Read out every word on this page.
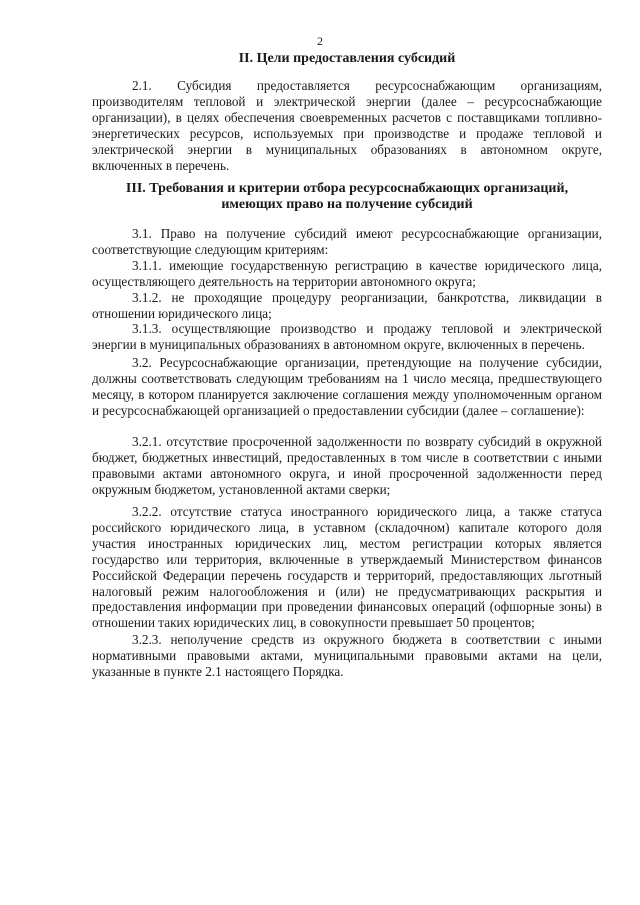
2
II. Цели предоставления субсидий
2.1. Субсидия предоставляется ресурсоснабжающим организациям, производителям тепловой и электрической энергии (далее – ресурсоснабжающие организации), в целях обеспечения своевременных расчетов с поставщиками топливно-энергетических ресурсов, используемых при производстве и продаже тепловой и электрической энергии в муниципальных образованиях в автономном округе, включенных в перечень.
III. Требования и критерии отбора ресурсоснабжающих организаций,
имеющих право на получение субсидий
3.1. Право на получение субсидий имеют ресурсоснабжающие организации, соответствующие следующим критериям:
3.1.1. имеющие государственную регистрацию в качестве юридического лица, осуществляющего деятельность на территории автономного округа;
3.1.2. не проходящие процедуру реорганизации, банкротства, ликвидации в отношении юридического лица;
3.1.3. осуществляющие производство и продажу тепловой и электрической энергии в муниципальных образованиях в автономном округе, включенных в перечень.
3.2. Ресурсоснабжающие организации, претендующие на получение субсидии, должны соответствовать следующим требованиям на 1 число месяца, предшествующего месяцу, в котором планируется заключение соглашения между уполномоченным органом и ресурсоснабжающей организацией о предоставлении субсидии (далее – соглашение):
3.2.1. отсутствие просроченной задолженности по возврату субсидий в окружной бюджет, бюджетных инвестиций, предоставленных в том числе в соответствии с иными правовыми актами автономного округа, и иной просроченной задолженности перед окружным бюджетом, установленной актами сверки;
3.2.2. отсутствие статуса иностранного юридического лица, а также статуса российского юридического лица, в уставном (складочном) капитале которого доля участия иностранных юридических лиц, местом регистрации которых является государство или территория, включенные в утверждаемый Министерством финансов Российской Федерации перечень государств и территорий, предоставляющих льготный налоговый режим налогообложения и (или) не предусматривающих раскрытия и предоставления информации при проведении финансовых операций (офшорные зоны) в отношении таких юридических лиц, в совокупности превышает 50 процентов;
3.2.3. неполучение средств из окружного бюджета в соответствии с иными нормативными правовыми актами, муниципальными правовыми актами на цели, указанные в пункте 2.1 настоящего Порядка.
